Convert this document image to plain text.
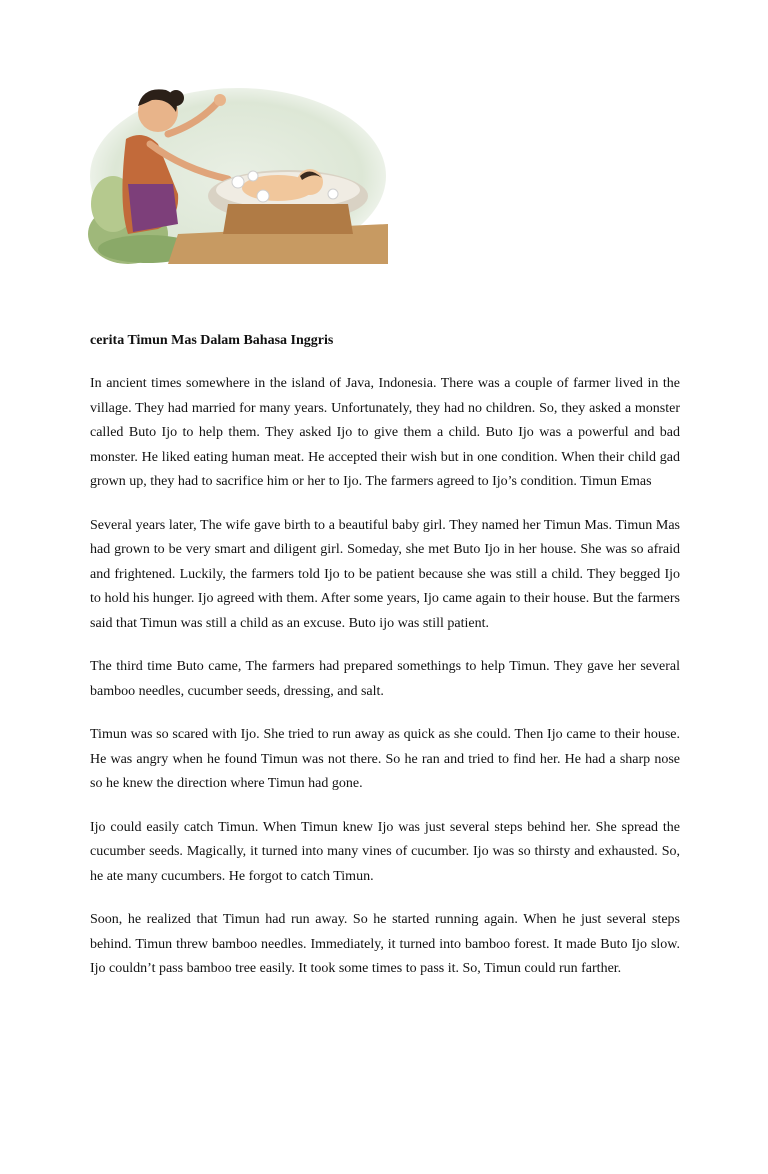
cerita Timun Mas Dalam Bahasa Inggris

In ancient times somewhere in the island of Java, Indonesia. There was a couple of farmer lived in the village. They had married for many years. Unfortunately, they had no children. So, they asked a monster called Buto Ijo to help them. They asked Ijo to give them a child. Buto Ijo was a powerful and bad monster. He liked eating human meat. He accepted their wish but in one condition. When their child gad grown up, they had to sacrifice him or her to Ijo. The farmers agreed to Ijo’s condition. Timun Emas

Several years later, The wife gave birth to a beautiful baby girl. They named her Timun Mas. Timun Mas had grown to be very smart and diligent girl. Someday, she met Buto Ijo in her house. She was so afraid and frightened. Luckily, the farmers told Ijo to be patient because she was still a child. They begged Ijo to hold his hunger. Ijo agreed with them. After some years, Ijo came again to their house. But the farmers said that Timun was still a child as an excuse. Buto ijo was still patient.

The third time Buto came, The farmers had prepared somethings to help Timun. They gave her several bamboo needles, cucumber seeds, dressing, and salt.

Timun was so scared with Ijo. She tried to run away as quick as she could. Then Ijo came to their house. He was angry when he found Timun was not there. So he ran and tried to find her. He had a sharp nose so he knew the direction where Timun had gone.

Ijo could easily catch Timun. When Timun knew Ijo was just several steps behind her. She spread the cucumber seeds. Magically, it turned into many vines of cucumber. Ijo was so thirsty and exhausted. So, he ate many cucumbers. He forgot to catch Timun.

Soon, he realized that Timun had run away. So he started running again. When he just several steps behind. Timun threw bamboo needles. Immediately, it turned into bamboo forest. It made Buto Ijo slow. Ijo couldn’t pass bamboo tree easily. It took some times to pass it. So, Timun could run farther.
